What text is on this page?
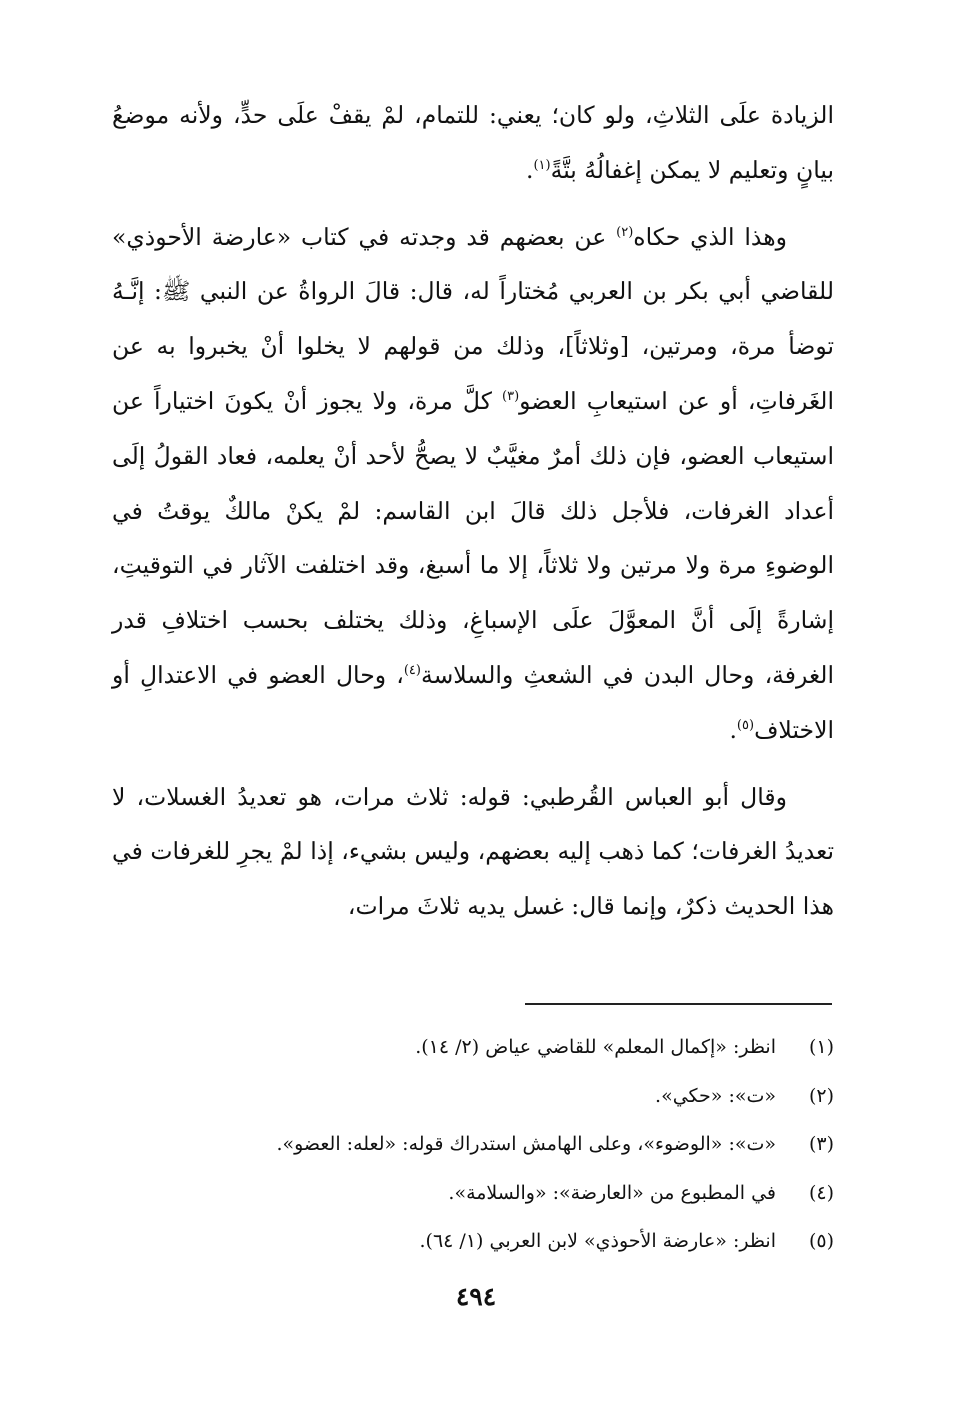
الزيادة علَى الثلاثِ، ولو كان؛ يعني: للتمام، لمْ يقفْ علَى حدٍّ، ولأنه موضعُ بيانٍ وتعليم لا يمكن إغفالُهُ بتَّةً$^{(١)}$.

  وهذا الذي حكاه$^{(٢)}$ عن بعضهم قد وجدته في كتاب «عارضة الأحوذي» للقاضي أبي بكر بن العربي مُختاراً له، قال: قالَ الرواةُ عن النبي ﷺ: إنَّـهُ توضأ مرة، ومرتين، [وثلاثاً]، وذلك من قولهم لا يخلوا أنْ يخبروا به عن الغَرفاتِ، أو عن استيعابِ العضو$^{(٣)}$ كلَّ مرة، ولا يجوز أنْ يكونَ اختياراً عن استيعاب العضو، فإن ذلك أمرٌ مغيَّبٌ لا يصحُّ لأحد أنْ يعلمه، فعاد القولُ إلَى أعداد الغرفات، فلأجل ذلك قالَ ابن القاسم: لمْ يكنْ مالكٌ يوقتُ في الوضوءِ مرة ولا مرتين ولا ثلاثاً، إلا ما أسبغ، وقد اختلفت الآثار في التوقيتِ، إشارةً إلَى أنَّ المعوَّلَ علَى الإسباغِ، وذلك يختلف بحسب اختلافِ قدر الغرفة، وحال البدن في الشعثِ والسلاسة$^{(٤)}$، وحال العضو في الاعتدالِ أو الاختلاف$^{(٥)}$.

  وقال أبو العباس القُرطبي: قوله: ثلاث مرات، هو تعديدُ الغسلات، لا تعديدُ الغرفات؛ كما ذهب إليه بعضهم، وليس بشيء، إذا لمْ يجرِ للغرفات في هذا الحديث ذكرٌ، وإنما قال: غسل يديه ثلاثَ مرات،

(١)
انظر: «إكمال المعلم» للقاضي عياض (٢/ ١٤).
(٢)
«ت»: «حكي».
(٣)
«ت»: «الوضوء»، وعلى الهامش استدراك قوله: «لعله: العضو».
(٤)
في المطبوع من «العارضة»: «والسلامة».
(٥)
انظر: «عارضة الأحوذي» لابن العربي (١/ ٦٤).
٤٩٤
